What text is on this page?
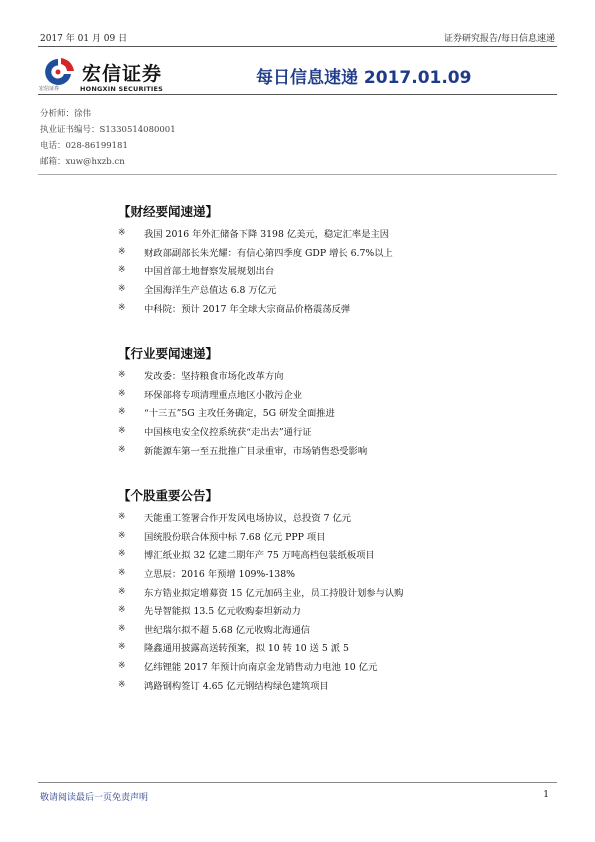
2017 年 01 月 09 日	证券研究报告/每日信息速递
宏信证券
宏信证券	HONGXIN SECURITIES
每日信息速递 2017.01.09
分析师：徐伟
执业证书编号：S1330514080001
电话：028-86199181
邮箱：xuw@hxzb.cn
【财经要闻速递】
※	我国 2016 年外汇储备下降 3198 亿美元，稳定汇率是主因
※	财政部副部长朱光耀：有信心第四季度 GDP 增长 6.7%以上
※	中国首部土地督察发展规划出台
※	全国海洋生产总值达 6.8 万亿元
※	中科院：预计 2017 年全球大宗商品价格震荡反弹
【行业要闻速递】
※	发改委：坚持粮食市场化改革方向
※	环保部将专项清理重点地区小散污企业
※	“十三五”5G 主攻任务确定，5G 研发全面推进
※	中国核电安全仪控系统获“走出去”通行证
※	新能源车第一至五批推广目录重审，市场销售恐受影响
【个股重要公告】
※	天能重工签署合作开发风电场协议，总投资 7 亿元
※	国统股份联合体预中标 7.68 亿元 PPP 项目
※	博汇纸业拟 32 亿建二期年产 75 万吨高档包装纸板项目
※	立思辰：2016 年预增 109%-138%
※	东方锆业拟定增募资 15 亿元加码主业，员工持股计划参与认购
※	先导智能拟 13.5 亿元收购泰坦新动力
※	世纪瑞尔拟不超 5.68 亿元收购北海通信
※	隆鑫通用披露高送转预案，拟 10 转 10 送 5 派 5
※	亿纬锂能 2017 年预计向南京金龙销售动力电池 10 亿元
※	鸿路钢构签订 4.65 亿元钢结构绿色建筑项目
敬请阅读最后一页免责声明	1
